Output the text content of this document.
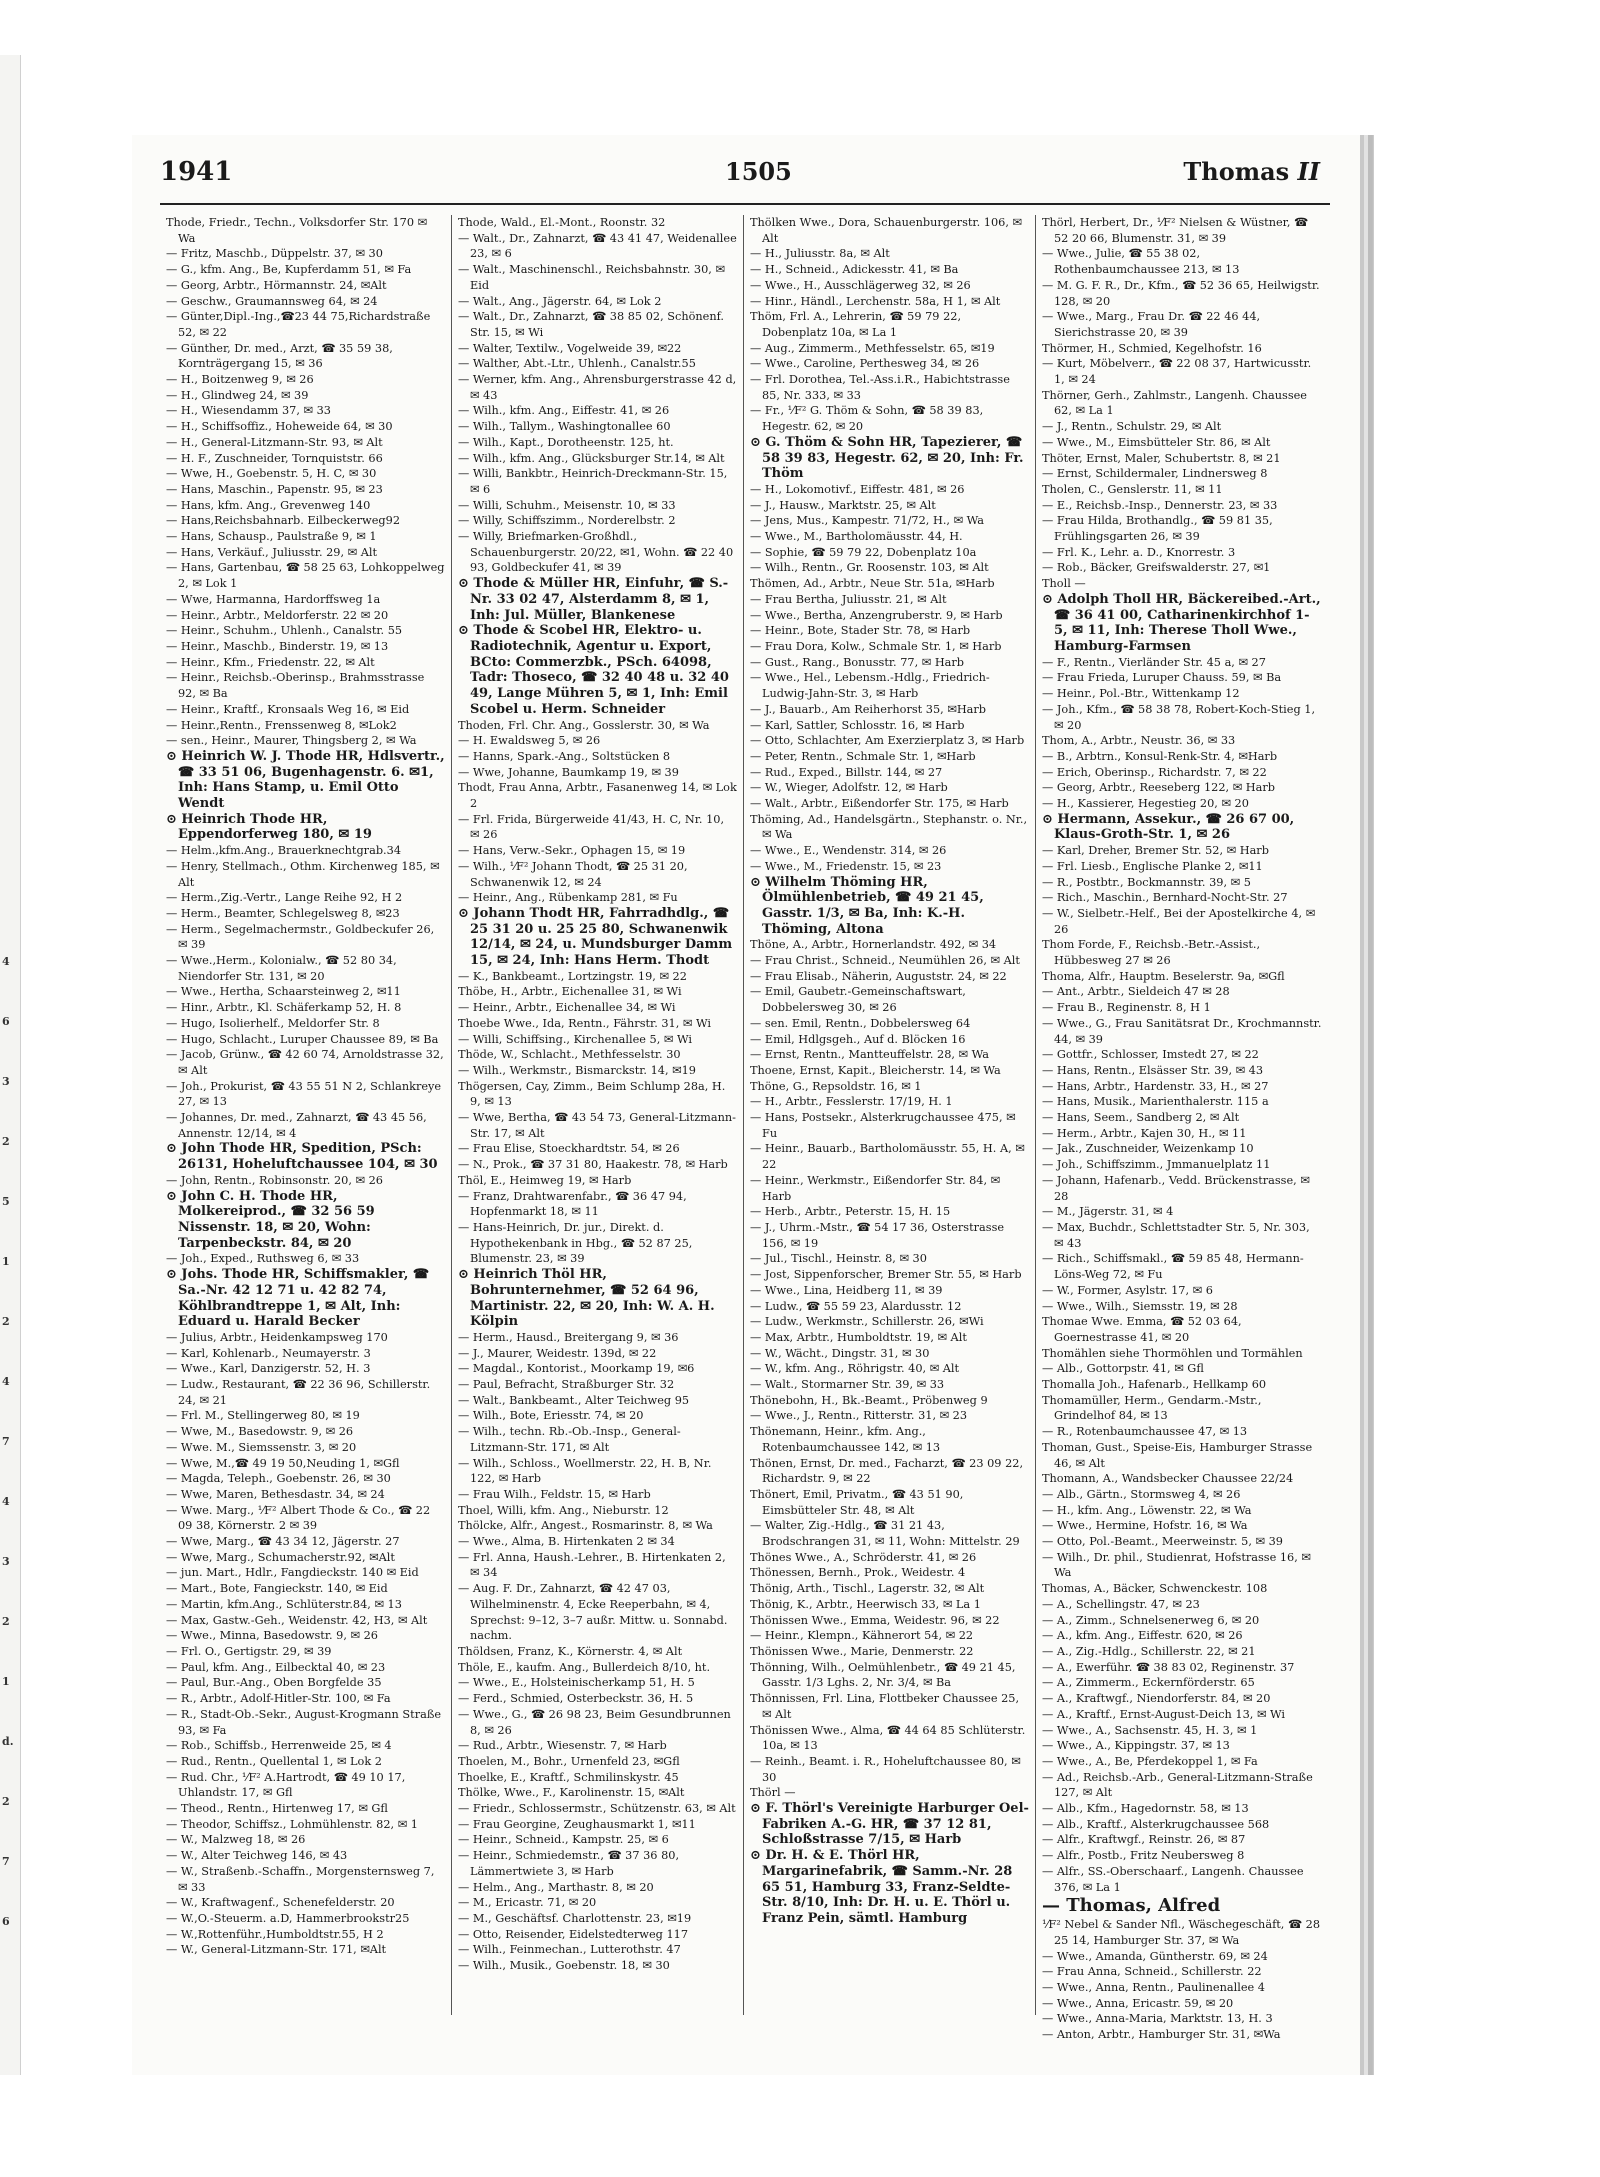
4
6
3
2
5
1
2
4
7
4
3
2
1
d.
2
7
6
1941	1505	Thomas II
Thode, Friedr., Techn., Volksdorfer Str. 170 ✉ Wa
— Fritz, Maschb., Düppelstr. 37, ✉ 30
— G., kfm. Ang., Be, Kupferdamm 51, ✉ Fa
— Georg, Arbtr., Hörmannstr. 24, ✉Alt
— Geschw., Graumannsweg 64, ✉ 24
— Günter,Dipl.-Ing.,☎23 44 75,Richardstraße 52, ✉ 22
— Günther, Dr. med., Arzt, ☎ 35 59 38, Kornträgergang 15, ✉ 36
— H., Boitzenweg 9, ✉ 26
— H., Glindweg 24, ✉ 39
— H., Wiesendamm 37, ✉ 33
— H., Schiffsoffiz., Hoheweide 64, ✉ 30
— H., General-Litzmann-Str. 93, ✉ Alt
— H. F., Zuschneider, Tornquiststr. 66
— Wwe, H., Goebenstr. 5, H. C, ✉ 30
— Hans, Maschin., Papenstr. 95, ✉ 23
— Hans, kfm. Ang., Grevenweg 140
— Hans,Reichsbahnarb. Eilbeckerweg92
— Hans, Schausp., Paulstraße 9, ✉ 1
— Hans, Verkäuf., Juliusstr. 29, ✉ Alt
— Hans, Gartenbau, ☎ 58 25 63, Lohkoppelweg 2, ✉ Lok 1
— Wwe, Harmanna, Hardorffsweg 1a
— Heinr., Arbtr., Meldorferstr. 22 ✉ 20
— Heinr., Schuhm., Uhlenh., Canalstr. 55
— Heinr., Maschb., Binderstr. 19, ✉ 13
— Heinr., Kfm., Friedenstr. 22, ✉ Alt
— Heinr., Reichsb.-Oberinsp., Brahmsstrasse 92, ✉ Ba
— Heinr., Kraftf., Kronsaals Weg 16, ✉ Eid
— Heinr.,Rentn., Frenssenweg 8, ✉Lok2
— sen., Heinr., Maurer, Thingsberg 2, ✉ Wa
⊙ Heinrich W. J. Thode HR, Hdlsvertr., ☎ 33 51 06, Bugenhagenstr. 6. ✉1, Inh: Hans Stamp, u. Emil Otto Wendt
⊙ Heinrich Thode HR, Eppendorferweg 180, ✉ 19
— Helm.,kfm.Ang., Brauerknechtgrab.34
— Henry, Stellmach., Othm. Kirchenweg 185, ✉ Alt
— Herm.,Zig.-Vertr., Lange Reihe 92, H 2
— Herm., Beamter, Schlegelsweg 8, ✉23
— Herm., Segelmachermstr., Goldbeckufer 26, ✉ 39
— Wwe.,Herm., Kolonialw., ☎ 52 80 34, Niendorfer Str. 131, ✉ 20
— Wwe., Hertha, Schaarsteinweg 2, ✉11
— Hinr., Arbtr., Kl. Schäferkamp 52, H. 8
— Hugo, Isolierhelf., Meldorfer Str. 8
— Hugo, Schlacht., Luruper Chaussee 89, ✉ Ba
— Jacob, Grünw., ☎ 42 60 74, Arnoldstrasse 32, ✉ Alt
— Joh., Prokurist, ☎ 43 55 51 N 2, Schlankreye 27, ✉ 13
— Johannes, Dr. med., Zahnarzt, ☎ 43 45 56, Annenstr. 12/14, ✉ 4
⊙ John Thode HR, Spedition, PSch: 26131, Hoheluftchaussee 104, ✉ 30
— John, Rentn., Robinsonstr. 20, ✉ 26
⊙ John C. H. Thode HR, Molkereiprod., ☎ 32 56 59 Nissenstr. 18, ✉ 20, Wohn: Tarpenbeckstr. 84, ✉ 20
— Joh., Exped., Ruthsweg 6, ✉ 33
⊙ Johs. Thode HR, Schiffsmakler, ☎ Sa.-Nr. 42 12 71 u. 42 82 74, Köhlbrandtreppe 1, ✉ Alt, Inh: Eduard u. Harald Becker
— Julius, Arbtr., Heidenkampsweg 170
— Karl, Kohlenarb., Neumayerstr. 3
— Wwe., Karl, Danzigerstr. 52, H. 3
— Ludw., Restaurant, ☎ 22 36 96, Schillerstr. 24, ✉ 21
— Frl. M., Stellingerweg 80, ✉ 19
— Wwe, M., Basedowstr. 9, ✉ 26
— Wwe. M., Siemssenstr. 3, ✉ 20
— Wwe, M.,☎ 49 19 50,Neuding 1, ✉Gfl
— Magda, Teleph., Goebenstr. 26, ✉ 30
— Wwe, Maren, Bethesdastr. 34, ✉ 24
— Wwe. Marg., ⅟F² Albert Thode & Co., ☎ 22 09 38, Körnerstr. 2 ✉ 39
— Wwe, Marg., ☎ 43 34 12, Jägerstr. 27
— Wwe, Marg., Schumacherstr.92, ✉Alt
— jun. Mart., Hdlr., Fangdieckstr. 140 ✉ Eid
— Mart., Bote, Fangieckstr. 140, ✉ Eid
— Martin, kfm.Ang., Schlüterstr.84, ✉ 13
— Max, Gastw.-Geh., Weidenstr. 42, H3, ✉ Alt
— Wwe., Minna, Basedowstr. 9, ✉ 26
— Frl. O., Gertigstr. 29, ✉ 39
— Paul, kfm. Ang., Eilbecktal 40, ✉ 23
— Paul, Bur.-Ang., Oben Borgfelde 35
— R., Arbtr., Adolf-Hitler-Str. 100, ✉ Fa
— R., Stadt-Ob.-Sekr., August-Krogmann Straße 93, ✉ Fa
— Rob., Schiffsb., Herrenweide 25, ✉ 4
— Rud., Rentn., Quellental 1, ✉ Lok 2
— Rud. Chr., ⅟F² A.Hartrodt, ☎ 49 10 17, Uhlandstr. 17, ✉ Gfl
— Theod., Rentn., Hirtenweg 17, ✉ Gfl
— Theodor, Schiffsz., Lohmühlenstr. 82, ✉ 1
— W., Malzweg 18, ✉ 26
— W., Alter Teichweg 146, ✉ 43
— W., Straßenb.-Schaffn., Morgensternsweg 7, ✉ 33
— W., Kraftwagenf., Schenefelderstr. 20
— W.,O.-Steuerm. a.D, Hammerbrookstr25
— W.,Rottenführ.,Humboldtstr.55, H 2
— W., General-Litzmann-Str. 171, ✉Alt
Thode, Wald., El.-Mont., Roonstr. 32
— Walt., Dr., Zahnarzt, ☎ 43 41 47, Weidenallee 23, ✉ 6
— Walt., Maschinenschl., Reichsbahnstr. 30, ✉ Eid
— Walt., Ang., Jägerstr. 64, ✉ Lok 2
— Walt., Dr., Zahnarzt, ☎ 38 85 02, Schönenf. Str. 15, ✉ Wi
— Walter, Textilw., Vogelweide 39, ✉22
— Walther, Abt.-Ltr., Uhlenh., Canalstr.55
— Werner, kfm. Ang., Ahrensburgerstrasse 42 d, ✉ 43
— Wilh., kfm. Ang., Eiffestr. 41, ✉ 26
— Wilh., Tallym., Washingtonallee 60
— Wilh., Kapt., Dorotheenstr. 125, ht.
— Wilh., kfm. Ang., Glücksburger Str.14, ✉ Alt
— Willi, Bankbtr., Heinrich-Dreckmann-Str. 15, ✉ 6
— Willi, Schuhm., Meisenstr. 10, ✉ 33
— Willy, Schiffszimm., Norderelbstr. 2
— Willy, Briefmarken-Großhdl., Schauenburgerstr. 20/22, ✉1, Wohn. ☎ 22 40 93, Goldbeckufer 41, ✉ 39
⊙ Thode & Müller HR, Einfuhr, ☎ S.-Nr. 33 02 47, Alsterdamm 8, ✉ 1, Inh: Jul. Müller, Blankenese
⊙ Thode & Scobel HR, Elektro- u. Radiotechnik, Agentur u. Export, BCto: Commerzbk., PSch. 64098, Tadr: Thoseco, ☎ 32 40 48 u. 32 40 49, Lange Mühren 5, ✉ 1, Inh: Emil Scobel u. Herm. Schneider
Thoden, Frl. Chr. Ang., Gosslerstr. 30, ✉ Wa
— H. Ewaldsweg 5, ✉ 26
— Hanns, Spark.-Ang., Soltstücken 8
— Wwe, Johanne, Baumkamp 19, ✉ 39
Thodt, Frau Anna, Arbtr., Fasanenweg 14, ✉ Lok 2
— Frl. Frida, Bürgerweide 41/43, H. C, Nr. 10, ✉ 26
— Hans, Verw.-Sekr., Ophagen 15, ✉ 19
— Wilh., ⅟F² Johann Thodt, ☎ 25 31 20, Schwanenwik 12, ✉ 24
— Heinr., Ang., Rübenkamp 281, ✉ Fu
⊙ Johann Thodt HR, Fahrradhdlg., ☎ 25 31 20 u. 25 25 80, Schwanenwik 12/14, ✉ 24, u. Mundsburger Damm 15, ✉ 24, Inh: Hans Herm. Thodt
— K., Bankbeamt., Lortzingstr. 19, ✉ 22
Thöbe, H., Arbtr., Eichenallee 31, ✉ Wi
— Heinr., Arbtr., Eichenallee 34, ✉ Wi
Thoebe Wwe., Ida, Rentn., Fährstr. 31, ✉ Wi
— Willi, Schiffsing., Kirchenallee 5, ✉ Wi
Thöde, W., Schlacht., Methfesselstr. 30
— Wilh., Werkmstr., Bismarckstr. 14, ✉19
Thögersen, Cay, Zimm., Beim Schlump 28a, H. 9, ✉ 13
— Wwe, Bertha, ☎ 43 54 73, General-Litzmann-Str. 17, ✉ Alt
— Frau Elise, Stoeckhardtstr. 54, ✉ 26
— N., Prok., ☎ 37 31 80, Haakestr. 78, ✉ Harb
Thöl, E., Heimweg 19, ✉ Harb
— Franz, Drahtwarenfabr., ☎ 36 47 94, Hopfenmarkt 18, ✉ 11
— Hans-Heinrich, Dr. jur., Direkt. d. Hypothekenbank in Hbg., ☎ 52 87 25, Blumenstr. 23, ✉ 39
⊙ Heinrich Thöl HR, Bohrunternehmer, ☎ 52 64 96, Martinistr. 22, ✉ 20, Inh: W. A. H. Kölpin
— Herm., Hausd., Breitergang 9, ✉ 36
— J., Maurer, Weidestr. 139d, ✉ 22
— Magdal., Kontorist., Moorkamp 19, ✉6
— Paul, Befracht, Straßburger Str. 32
— Walt., Bankbeamt., Alter Teichweg 95
— Wilh., Bote, Eriesstr. 74, ✉ 20
— Wilh., techn. Rb.-Ob.-Insp., General-Litzmann-Str. 171, ✉ Alt
— Wilh., Schloss., Woellmerstr. 22, H. B, Nr. 122, ✉ Harb
— Frau Wilh., Feldstr. 15, ✉ Harb
Thoel, Willi, kfm. Ang., Nieburstr. 12
Thölcke, Alfr., Angest., Rosmarinstr. 8, ✉ Wa
— Wwe., Alma, B. Hirtenkaten 2 ✉ 34
— Frl. Anna, Haush.-Lehrer., B. Hirtenkaten 2, ✉ 34
— Aug. F. Dr., Zahnarzt, ☎ 42 47 03, Wilhelminenstr. 4, Ecke Reeperbahn, ✉ 4, Sprechst: 9–12, 3–7 außr. Mittw. u. Sonnabd. nachm.
Thöldsen, Franz, K., Körnerstr. 4, ✉ Alt
Thöle, E., kaufm. Ang., Bullerdeich 8/10, ht.
— Wwe., E., Holsteinischerkamp 51, H. 5
— Ferd., Schmied, Osterbeckstr. 36, H. 5
— Wwe., G., ☎ 26 98 23, Beim Gesundbrunnen 8, ✉ 26
— Rud., Arbtr., Wiesenstr. 7, ✉ Harb
Thoelen, M., Bohr., Urnenfeld 23, ✉Gfl
Thoelke, E., Kraftf., Schmilinskystr. 45
Thölke, Wwe., F., Karolinenstr. 15, ✉Alt
— Friedr., Schlossermstr., Schützenstr. 63, ✉ Alt
— Frau Georgine, Zeughausmarkt 1, ✉11
— Heinr., Schneid., Kampstr. 25, ✉ 6
— Heinr., Schmiedemstr., ☎ 37 36 80, Lämmertwiete 3, ✉ Harb
— Helm., Ang., Marthastr. 8, ✉ 20
— M., Ericastr. 71, ✉ 20
— M., Geschäftsf. Charlottenstr. 23, ✉19
— Otto, Reisender, Eidelstedterweg 117
— Wilh., Feinmechan., Lutterothstr. 47
— Wilh., Musik., Goebenstr. 18, ✉ 30
Thölken Wwe., Dora, Schauenburgerstr. 106, ✉ Alt
— H., Juliusstr. 8a, ✉ Alt
— H., Schneid., Adickesstr. 41, ✉ Ba
— Wwe., H., Ausschlägerweg 32, ✉ 26
— Hinr., Händl., Lerchenstr. 58a, H 1, ✉ Alt
Thöm, Frl. A., Lehrerin, ☎ 59 79 22, Dobenplatz 10a, ✉ La 1
— Aug., Zimmerm., Methfesselstr. 65, ✉19
— Wwe., Caroline, Perthesweg 34, ✉ 26
— Frl. Dorothea, Tel.-Ass.i.R., Habichtstrasse 85, Nr. 333, ✉ 33
— Fr., ⅟F² G. Thöm & Sohn, ☎ 58 39 83, Hegestr. 62, ✉ 20
⊙ G. Thöm & Sohn HR, Tapezierer, ☎ 58 39 83, Hegestr. 62, ✉ 20, Inh: Fr. Thöm
— H., Lokomotivf., Eiffestr. 481, ✉ 26
— J., Hausw., Marktstr. 25, ✉ Alt
— Jens, Mus., Kampestr. 71/72, H., ✉ Wa
— Wwe., M., Bartholomäusstr. 44, H.
— Sophie, ☎ 59 79 22, Dobenplatz 10a
— Wilh., Rentn., Gr. Roosenstr. 103, ✉ Alt
Thömen, Ad., Arbtr., Neue Str. 51a, ✉Harb
— Frau Bertha, Juliusstr. 21, ✉ Alt
— Wwe., Bertha, Anzengruberstr. 9, ✉ Harb
— Heinr., Bote, Stader Str. 78, ✉ Harb
— Frau Dora, Kolw., Schmale Str. 1, ✉ Harb
— Gust., Rang., Bonusstr. 77, ✉ Harb
— Wwe., Hel., Lebensm.-Hdlg., Friedrich-Ludwig-Jahn-Str. 3, ✉ Harb
— J., Bauarb., Am Reiherhorst 35, ✉Harb
— Karl, Sattler, Schlosstr. 16, ✉ Harb
— Otto, Schlachter, Am Exerzierplatz 3, ✉ Harb
— Peter, Rentn., Schmale Str. 1, ✉Harb
— Rud., Exped., Billstr. 144, ✉ 27
— W., Wieger, Adolfstr. 12, ✉ Harb
— Walt., Arbtr., Eißendorfer Str. 175, ✉ Harb
Thöming, Ad., Handelsgärtn., Stephanstr. o. Nr., ✉ Wa
— Wwe., E., Wendenstr. 314, ✉ 26
— Wwe., M., Friedenstr. 15, ✉ 23
⊙ Wilhelm Thöming HR, Ölmühlenbetrieb, ☎ 49 21 45, Gasstr. 1/3, ✉ Ba, Inh: K.-H. Thöming, Altona
Thöne, A., Arbtr., Hornerlandstr. 492, ✉ 34
— Frau Christ., Schneid., Neumühlen 26, ✉ Alt
— Frau Elisab., Näherin, Auguststr. 24, ✉ 22
— Emil, Gaubetr.-Gemeinschaftswart, Dobbelersweg 30, ✉ 26
— sen. Emil, Rentn., Dobbelersweg 64
— Emil, Hdlgsgeh., Auf d. Blöcken 16
— Ernst, Rentn., Mantteuffelstr. 28, ✉ Wa
Thoene, Ernst, Kapit., Bleicherstr. 14, ✉ Wa
Thöne, G., Repsoldstr. 16, ✉ 1
— H., Arbtr., Fesslerstr. 17/19, H. 1
— Hans, Postsekr., Alsterkrugchaussee 475, ✉ Fu
— Heinr., Bauarb., Bartholomäusstr. 55, H. A, ✉ 22
— Heinr., Werkmstr., Eißendorfer Str. 84, ✉ Harb
— Herb., Arbtr., Peterstr. 15, H. 15
— J., Uhrm.-Mstr., ☎ 54 17 36, Osterstrasse 156, ✉ 19
— Jul., Tischl., Heinstr. 8, ✉ 30
— Jost, Sippenforscher, Bremer Str. 55, ✉ Harb
— Wwe., Lina, Heidberg 11, ✉ 39
— Ludw., ☎ 55 59 23, Alardusstr. 12
— Ludw., Werkmstr., Schillerstr. 26, ✉Wi
— Max, Arbtr., Humboldtstr. 19, ✉ Alt
— W., Wächt., Dingstr. 31, ✉ 30
— W., kfm. Ang., Röhrigstr. 40, ✉ Alt
— Walt., Stormarner Str. 39, ✉ 33
Thönebohn, H., Bk.-Beamt., Pröbenweg 9
— Wwe., J., Rentn., Ritterstr. 31, ✉ 23
Thönemann, Heinr., kfm. Ang., Rotenbaumchaussee 142, ✉ 13
Thönen, Ernst, Dr. med., Facharzt, ☎ 23 09 22, Richardstr. 9, ✉ 22
Thönert, Emil, Privatm., ☎ 43 51 90, Eimsbütteler Str. 48, ✉ Alt
— Walter, Zig.-Hdlg., ☎ 31 21 43, Brodschrangen 31, ✉ 11, Wohn: Mittelstr. 29
Thönes Wwe., A., Schröderstr. 41, ✉ 26
Thönessen, Bernh., Prok., Weidestr. 4
Thönig, Arth., Tischl., Lagerstr. 32, ✉ Alt
Thönig, K., Arbtr., Heerwisch 33, ✉ La 1
Thönissen Wwe., Emma, Weidestr. 96, ✉ 22
— Heinr., Klempn., Kähnerort 54, ✉ 22
Thönissen Wwe., Marie, Denmerstr. 22
Thönning, Wilh., Oelmühlenbetr., ☎ 49 21 45, Gasstr. 1/3 Lghs. 2, Nr. 3/4, ✉ Ba
Thönnissen, Frl. Lina, Flottbeker Chaussee 25, ✉ Alt
Thönissen Wwe., Alma, ☎ 44 64 85 Schlüterstr. 10a, ✉ 13
— Reinh., Beamt. i. R., Hoheluftchaussee 80, ✉ 30
Thörl —
⊙ F. Thörl's Vereinigte Harburger Oel-Fabriken A.-G. HR, ☎ 37 12 81, Schloßstrasse 7/15, ✉ Harb
⊙ Dr. H. & E. Thörl HR, Margarinefabrik, ☎ Samm.-Nr. 28 65 51, Hamburg 33, Franz-Seldte-Str. 8/10, Inh: Dr. H. u. E. Thörl u. Franz Pein, sämtl. Hamburg
Thörl, Herbert, Dr., ⅟F² Nielsen & Wüstner, ☎ 52 20 66, Blumenstr. 31, ✉ 39
— Wwe., Julie, ☎ 55 38 02, Rothenbaumchaussee 213, ✉ 13
— M. G. F. R., Dr., Kfm., ☎ 52 36 65, Heilwigstr. 128, ✉ 20
— Wwe., Marg., Frau Dr. ☎ 22 46 44, Sierichstrasse 20, ✉ 39
Thörmer, H., Schmied, Kegelhofstr. 16
— Kurt, Möbelverr., ☎ 22 08 37, Hartwicusstr. 1, ✉ 24
Thörner, Gerh., Zahlmstr., Langenh. Chaussee 62, ✉ La 1
— J., Rentn., Schulstr. 29, ✉ Alt
— Wwe., M., Eimsbütteler Str. 86, ✉ Alt
Thöter, Ernst, Maler, Schubertstr. 8, ✉ 21
— Ernst, Schildermaler, Lindnersweg 8
Tholen, C., Genslerstr. 11, ✉ 11
— E., Reichsb.-Insp., Dennerstr. 23, ✉ 33
— Frau Hilda, Brothandlg., ☎ 59 81 35, Frühlingsgarten 26, ✉ 39
— Frl. K., Lehr. a. D., Knorrestr. 3
— Rob., Bäcker, Greifswalderstr. 27, ✉1
Tholl —
⊙ Adolph Tholl HR, Bäckereibed.-Art., ☎ 36 41 00, Catharinenkirchhof 1-5, ✉ 11, Inh: Therese Tholl Wwe., Hamburg-Farmsen
— F., Rentn., Vierländer Str. 45 a, ✉ 27
— Frau Frieda, Luruper Chauss. 59, ✉ Ba
— Heinr., Pol.-Btr., Wittenkamp 12
— Joh., Kfm., ☎ 58 38 78, Robert-Koch-Stieg 1, ✉ 20
Thom, A., Arbtr., Neustr. 36, ✉ 33
— B., Arbtrn., Konsul-Renk-Str. 4, ✉Harb
— Erich, Oberinsp., Richardstr. 7, ✉ 22
— Georg, Arbtr., Reeseberg 122, ✉ Harb
— H., Kassierer, Hegestieg 20, ✉ 20
⊙ Hermann, Assekur., ☎ 26 67 00, Klaus-Groth-Str. 1, ✉ 26
— Karl, Dreher, Bremer Str. 52, ✉ Harb
— Frl. Liesb., Englische Planke 2, ✉11
— R., Postbtr., Bockmannstr. 39, ✉ 5
— Rich., Maschin., Bernhard-Nocht-Str. 27
— W., Sielbetr.-Helf., Bei der Apostelkirche 4, ✉ 26
Thom Forde, F., Reichsb.-Betr.-Assist., Hübbesweg 27 ✉ 26
Thoma, Alfr., Hauptm. Beselerstr. 9a, ✉Gfl
— Ant., Arbtr., Sieldeich 47 ✉ 28
— Frau B., Reginenstr. 8, H 1
— Wwe., G., Frau Sanitätsrat Dr., Krochmannstr. 44, ✉ 39
— Gottfr., Schlosser, Imstedt 27, ✉ 22
— Hans, Rentn., Elsässer Str. 39, ✉ 43
— Hans, Arbtr., Hardenstr. 33, H., ✉ 27
— Hans, Musik., Marienthalerstr. 115 a
— Hans, Seem., Sandberg 2, ✉ Alt
— Herm., Arbtr., Kajen 30, H., ✉ 11
— Jak., Zuschneider, Weizenkamp 10
— Joh., Schiffszimm., Jmmanuelplatz 11
— Johann, Hafenarb., Vedd. Brückenstrasse, ✉ 28
— M., Jägerstr. 31, ✉ 4
— Max, Buchdr., Schlettstadter Str. 5, Nr. 303, ✉ 43
— Rich., Schiffsmakl., ☎ 59 85 48, Hermann-Löns-Weg 72, ✉ Fu
— W., Former, Asylstr. 17, ✉ 6
— Wwe., Wilh., Siemsstr. 19, ✉ 28
Thomae Wwe. Emma, ☎ 52 03 64, Goernestrasse 41, ✉ 20
Thomählen siehe Thormöhlen und Tormählen
— Alb., Gottorpstr. 41, ✉ Gfl
Thomalla Joh., Hafenarb., Hellkamp 60
Thomamüller, Herm., Gendarm.-Mstr., Grindelhof 84, ✉ 13
— R., Rotenbaumchaussee 47, ✉ 13
Thoman, Gust., Speise-Eis, Hamburger Strasse 46, ✉ Alt
Thomann, A., Wandsbecker Chaussee 22/24
— Alb., Gärtn., Stormsweg 4, ✉ 26
— H., kfm. Ang., Löwenstr. 22, ✉ Wa
— Wwe., Hermine, Hofstr. 16, ✉ Wa
— Otto, Pol.-Beamt., Meerweinstr. 5, ✉ 39
— Wilh., Dr. phil., Studienrat, Hofstrasse 16, ✉ Wa
Thomas, A., Bäcker, Schwenckestr. 108
— A., Schellingstr. 47, ✉ 23
— A., Zimm., Schnelsenerweg 6, ✉ 20
— A., kfm. Ang., Eiffestr. 620, ✉ 26
— A., Zig.-Hdlg., Schillerstr. 22, ✉ 21
— A., Ewerführ. ☎ 38 83 02, Reginenstr. 37
— A., Zimmerm., Eckernförderstr. 65
— A., Kraftwgf., Niendorferstr. 84, ✉ 20
— A., Kraftf., Ernst-August-Deich 13, ✉ Wi
— Wwe., A., Sachsenstr. 45, H. 3, ✉ 1
— Wwe., A., Kippingstr. 37, ✉ 13
— Wwe., A., Be, Pferdekoppel 1, ✉ Fa
— Ad., Reichsb.-Arb., General-Litzmann-Straße 127, ✉ Alt
— Alb., Kfm., Hagedornstr. 58, ✉ 13
— Alb., Kraftf., Alsterkrugchaussee 568
— Alfr., Kraftwgf., Reinstr. 26, ✉ 87
— Alfr., Postb., Fritz Neubersweg 8
— Alfr., SS.-Oberschaarf., Langenh. Chaussee 376, ✉ La 1
— Thomas, Alfred
⅟F² Nebel & Sander Nfl., Wäschegeschäft, ☎ 28 25 14, Hamburger Str. 37, ✉ Wa
— Wwe., Amanda, Güntherstr. 69, ✉ 24
— Frau Anna, Schneid., Schillerstr. 22
— Wwe., Anna, Rentn., Paulinenallee 4
— Wwe., Anna, Ericastr. 59, ✉ 20
— Wwe., Anna-Maria, Marktstr. 13, H. 3
— Anton, Arbtr., Hamburger Str. 31, ✉Wa
